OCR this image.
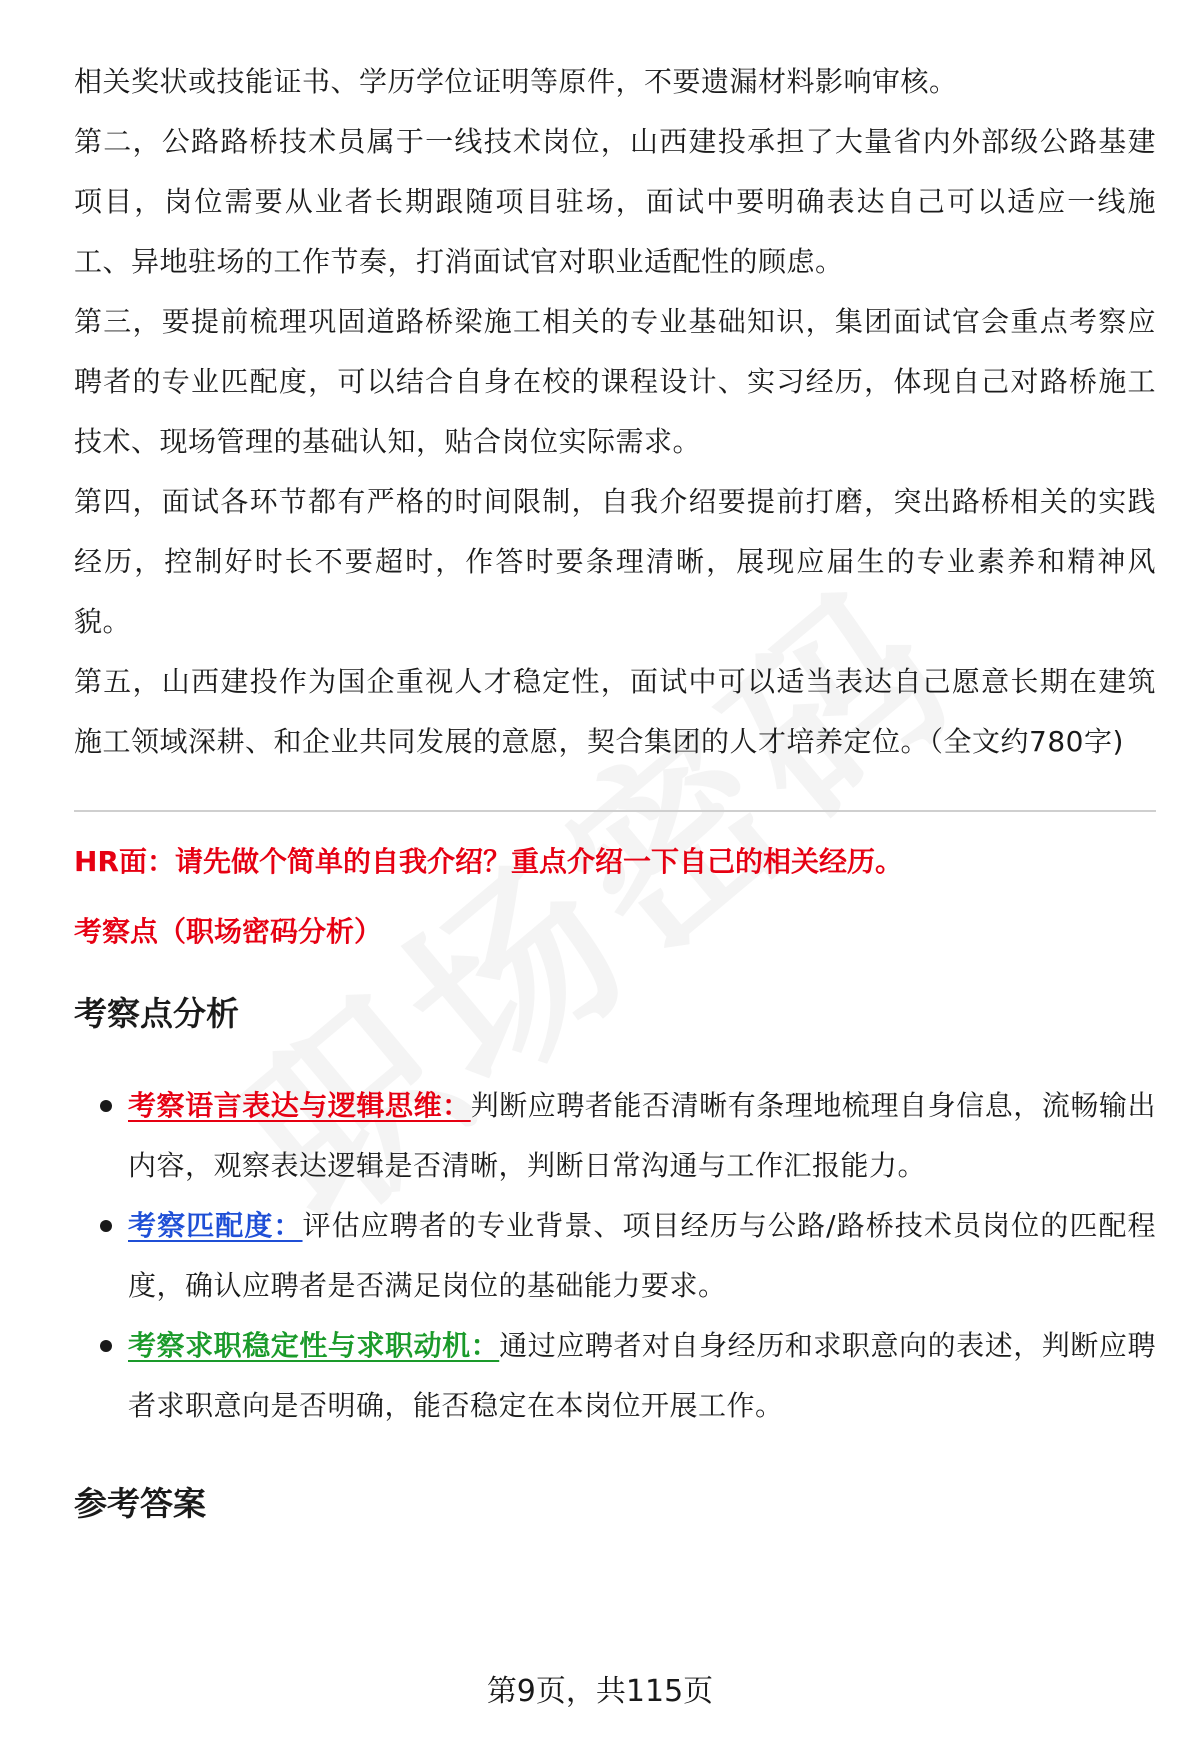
相关奖状或技能证书、学历学位证明等原件，不要遗漏材料影响审核。

第二，公路路桥技术员属于一线技术岗位，山西建投承担了大量省内外部级公路基建项目，岗位需要从业者长期跟随项目驻场，面试中要明确表达自己可以适应一线施工、异地驻场的工作节奏，打消面试官对职业适配性的顾虑。

第三，要提前梳理巩固道路桥梁施工相关的专业基础知识，集团面试官会重点考察应聘者的专业匹配度，可以结合自身在校的课程设计、实习经历，体现自己对路桥施工技术、现场管理的基础认知，贴合岗位实际需求。

第四，面试各环节都有严格的时间限制，自我介绍要提前打磨，突出路桥相关的实践经历，控制好时长不要超时，作答时要条理清晰，展现应届生的专业素养和精神风貌。

第五，山西建投作为国企重视人才稳定性，面试中可以适当表达自己愿意长期在建筑施工领域深耕、和企业共同发展的意愿，契合集团的人才培养定位。（全文约780字)

HR面：请先做个简单的自我介绍？重点介绍一下自己的相关经历。

考察点（职场密码分析）

考察点分析
考察语言表达与逻辑思维：判断应聘者能否清晰有条理地梳理自身信息，流畅输出内容，观察表达逻辑是否清晰，判断日常沟通与工作汇报能力。
考察匹配度：评估应聘者的专业背景、项目经历与公路/路桥技术员岗位的匹配程度，确认应聘者是否满足岗位的基础能力要求。
考察求职稳定性与求职动机：通过应聘者对自身经历和求职意向的表述，判断应聘者求职意向是否明确，能否稳定在本岗位开展工作。
参考答案
第9页，共115页
